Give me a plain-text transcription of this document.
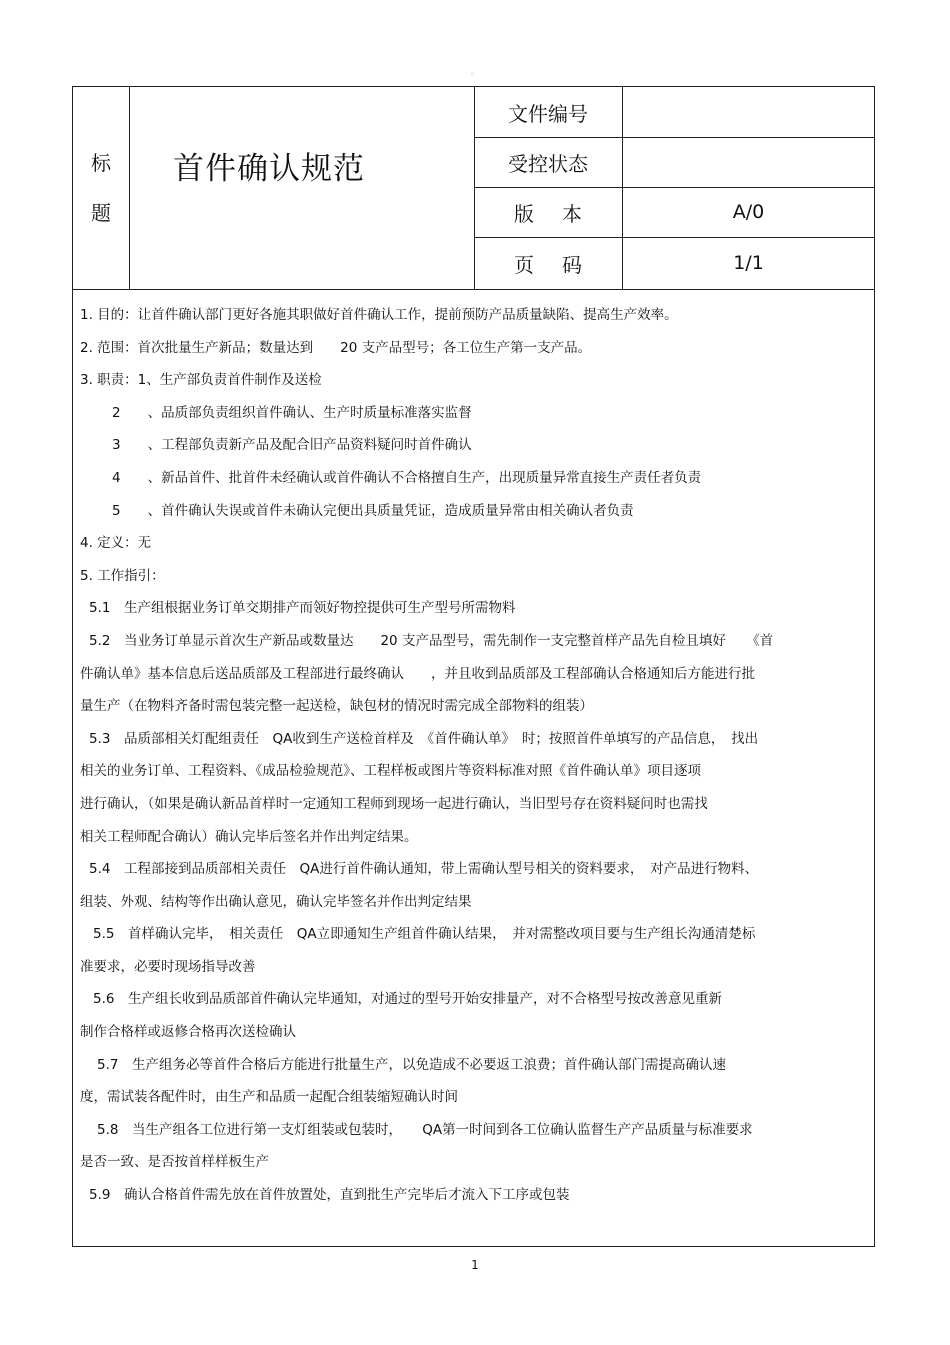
◦
标
题
首件确认规范
文件编号
受控状态
版本	A/0
页码	1/1
1. 目的：让首件确认部门更好各施其职做好首件确认工作，提前预防产品质量缺陷、提高生产效率。
2. 范围：首次批量生产新品；数量达到　　20 支产品型号；各工位生产第一支产品。
3. 职责：1、生产部负责首件制作及送检
2　　、品质部负责组织首件确认、生产时质量标准落实监督
3　　、工程部负责新产品及配合旧产品资料疑问时首件确认
4　　、新品首件、批首件未经确认或首件确认不合格擅自生产，出现质量异常直接生产责任者负责
5　　、首件确认失误或首件未确认完便出具质量凭证，造成质量异常由相关确认者负责
4. 定义：无
5. 工作指引：
5.1　生产组根据业务订单交期排产而领好物控提供可生产型号所需物料
5.2　当业务订单显示首次生产新品或数量达　　20 支产品型号，需先制作一支完整首样产品先自检且填好　　《首
件确认单》基本信息后送品质部及工程部进行最终确认　　，并且收到品质部及工程部确认合格通知后方能进行批
量生产（在物料齐备时需包装完整一起送检，缺包材的情况时需完成全部物料的组装）
5.3　品质部相关灯配组责任　QA收到生产送检首样及　《首件确认单》　时；按照首件单填写的产品信息，　找出
相关的业务订单、工程资料、《成品检验规范》、工程样板或图片等资料标准对照《首件确认单》项目逐项
进行确认，（如果是确认新品首样时一定通知工程师到现场一起进行确认，当旧型号存在资料疑问时也需找
相关工程师配合确认）确认完毕后签名并作出判定结果。
5.4　工程部接到品质部相关责任　QA进行首件确认通知，带上需确认型号相关的资料要求，　对产品进行物料、
组装、外观、结构等作出确认意见，确认完毕签名并作出判定结果
5.5　首样确认完毕，　相关责任　QA立即通知生产组首件确认结果，　并对需整改项目要与生产组长沟通清楚标
准要求，必要时现场指导改善
5.6　生产组长收到品质部首件确认完毕通知，对通过的型号开始安排量产，对不合格型号按改善意见重新
制作合格样或返修合格再次送检确认
5.7　生产组务必等首件合格后方能进行批量生产，以免造成不必要返工浪费；首件确认部门需提高确认速
度，需试装各配件时，由生产和品质一起配合组装缩短确认时间
5.8　当生产组各工位进行第一支灯组装或包装时，　　QA第一时间到各工位确认监督生产产品质量与标准要求
是否一致、是否按首样样板生产
5.9　确认合格首件需先放在首件放置处，直到批生产完毕后才流入下工序或包装
1
